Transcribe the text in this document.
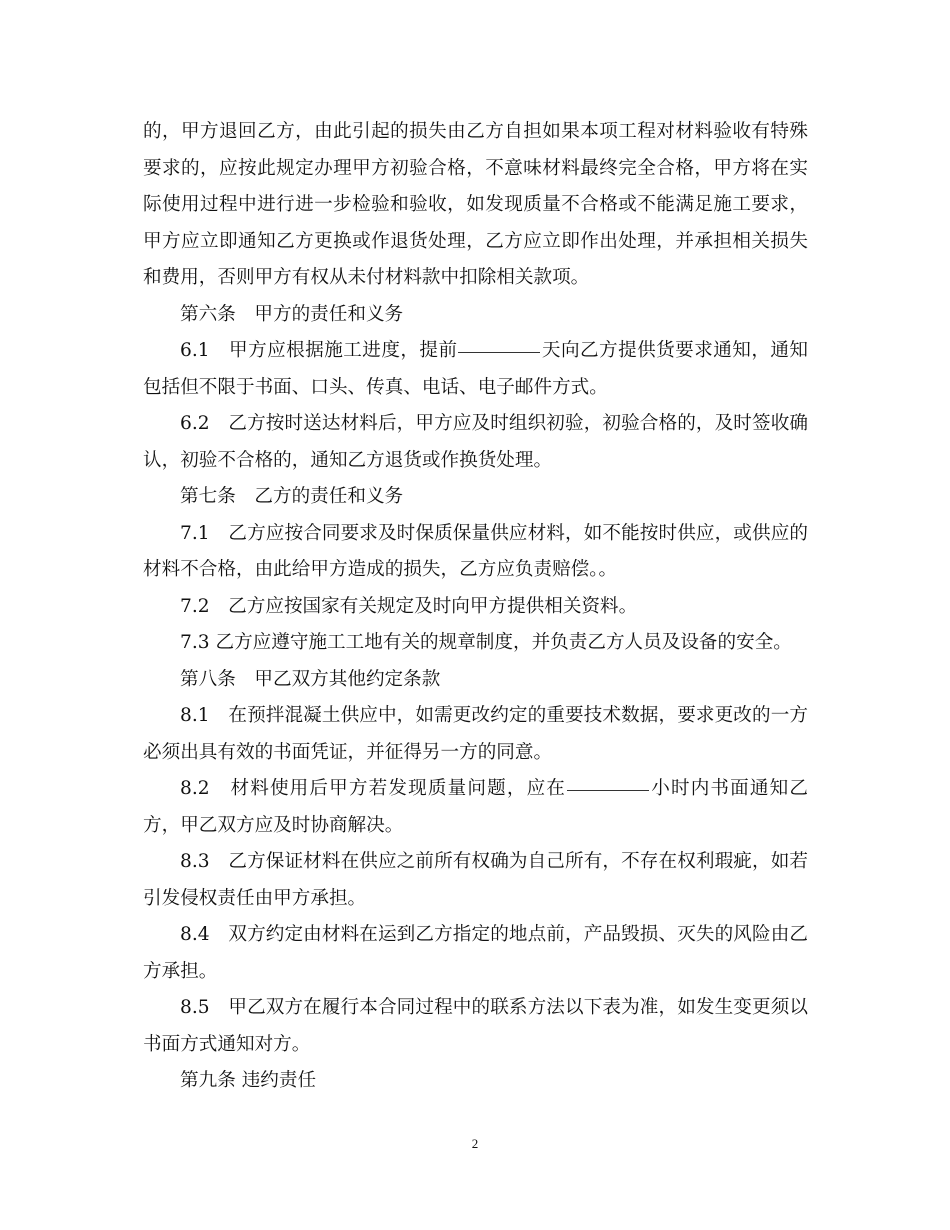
的，甲方退回乙方，由此引起的损失由乙方自担如果本项工程对材料验收有特殊要求的，应按此规定办理甲方初验合格，不意味材料最终完全合格，甲方将在实际使用过程中进行进一步检验和验收，如发现质量不合格或不能满足施工要求，甲方应立即通知乙方更换或作退货处理，乙方应立即作出处理，并承担相关损失和费用，否则甲方有权从未付材料款中扣除相关款项。

第六条　甲方的责任和义务

6.1　甲方应根据施工进度，提前	天向乙方提供货要求通知，通知包括但不限于书面、口头、传真、电话、电子邮件方式。

6.2　乙方按时送达材料后，甲方应及时组织初验，初验合格的，及时签收确认，初验不合格的，通知乙方退货或作换货处理。

第七条　乙方的责任和义务

7.1　乙方应按合同要求及时保质保量供应材料，如不能按时供应，或供应的材料不合格，由此给甲方造成的损失，乙方应负责赔偿。。

7.2　乙方应按国家有关规定及时向甲方提供相关资料。

7.3 乙方应遵守施工工地有关的规章制度，并负责乙方人员及设备的安全。

第八条　甲乙双方其他约定条款

8.1　在预拌混凝土供应中，如需更改约定的重要技术数据，要求更改的一方必须出具有效的书面凭证，并征得另一方的同意。

8.2　材料使用后甲方若发现质量问题，应在	小时内书面通知乙方，甲乙双方应及时协商解决。

8.3　乙方保证材料在供应之前所有权确为自己所有，不存在权利瑕疵，如若引发侵权责任由甲方承担。

8.4　双方约定由材料在运到乙方指定的地点前，产品毁损、灭失的风险由乙方承担。

8.5　甲乙双方在履行本合同过程中的联系方法以下表为准，如发生变更须以书面方式通知对方。

第九条 违约责任

2
